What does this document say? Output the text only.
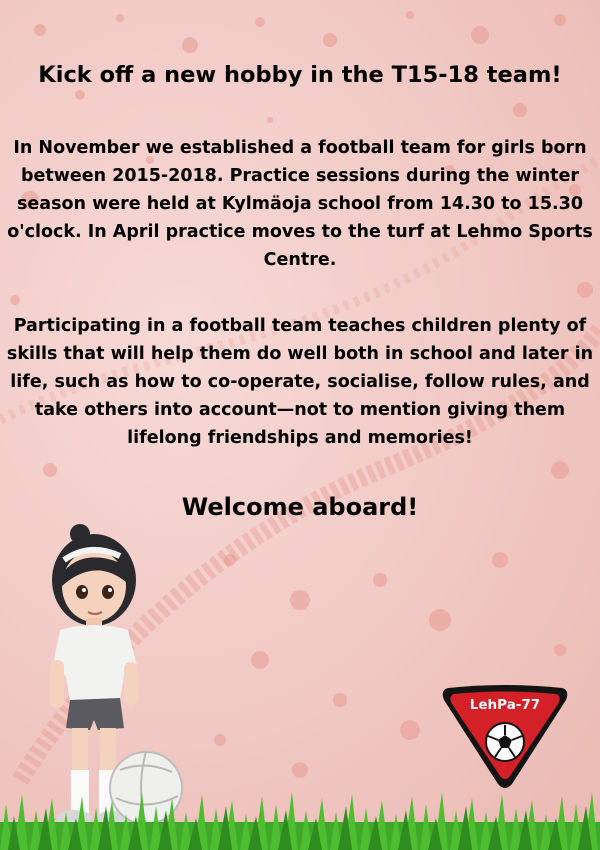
Kick off a new hobby in the T15-18 team!

In November we established a football team for girls born between 2015-2018. Practice sessions during the winter season were held at Kylmäoja school from 14.30 to 15.30 o'clock. In April practice moves to the turf at Lehmo Sports Centre.

Participating in a football team teaches children plenty of skills that will help them do well both in school and later in life, such as how to co-operate, socialise, follow rules, and take others into account—not to mention giving them lifelong friendships and memories!

Welcome aboard!
LehPa-77
